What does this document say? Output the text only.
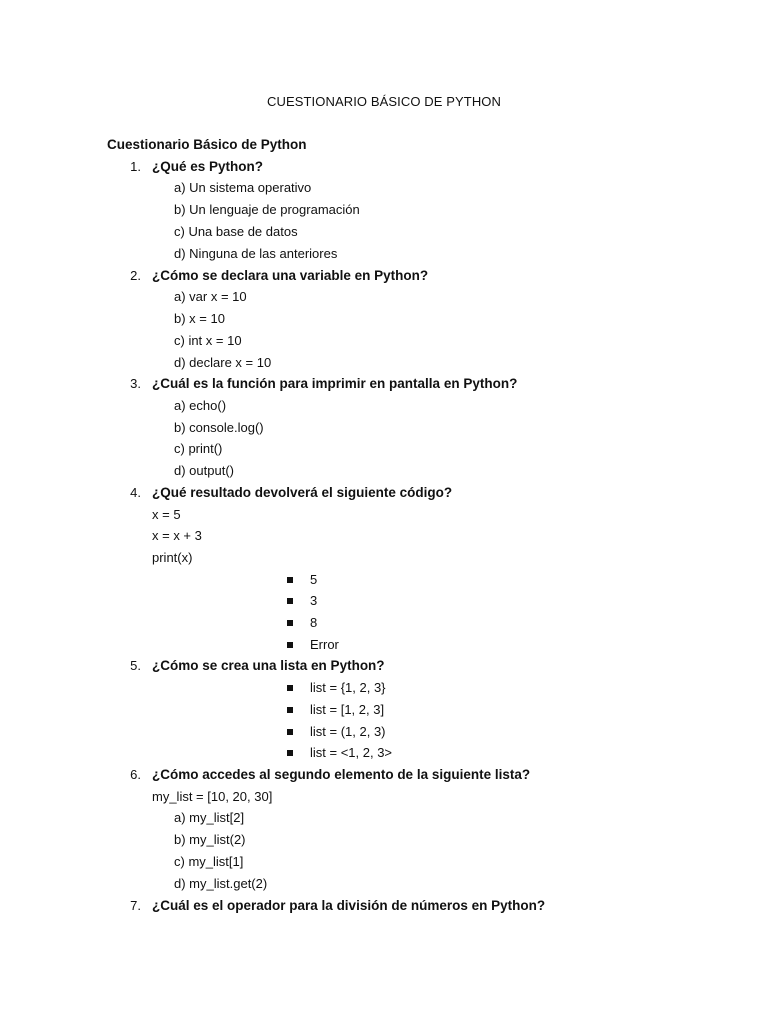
CUESTIONARIO BÁSICO DE PYTHON
Cuestionario Básico de Python
1. ¿Qué es Python?
a) Un sistema operativo
b) Un lenguaje de programación
c) Una base de datos
d) Ninguna de las anteriores
2. ¿Cómo se declara una variable en Python?
a) var x = 10
b) x = 10
c) int x = 10
d) declare x = 10
3. ¿Cuál es la función para imprimir en pantalla en Python?
a) echo()
b) console.log()
c) print()
d) output()
4. ¿Qué resultado devolverá el siguiente código?
x = 5
x = x + 3
print(x)
5
3
8
Error
5. ¿Cómo se crea una lista en Python?
list = {1, 2, 3}
list = [1, 2, 3]
list = (1, 2, 3)
list = <1, 2, 3>
6. ¿Cómo accedes al segundo elemento de la siguiente lista?
my_list = [10, 20, 30]
a) my_list[2]
b) my_list(2)
c) my_list[1]
d) my_list.get(2)
7. ¿Cuál es el operador para la división de números en Python?
